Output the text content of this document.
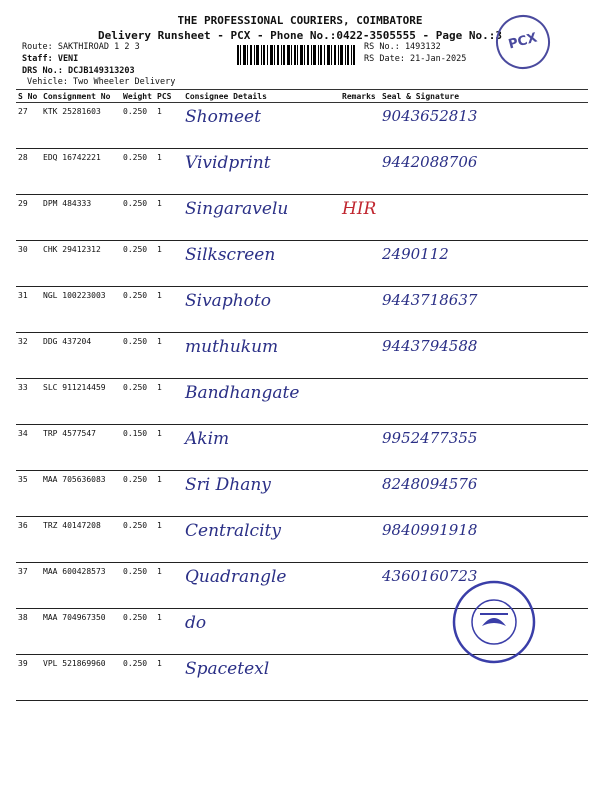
THE PROFESSIONAL COURIERS, COIMBATORE
Delivery Runsheet - PCX - Phone No.:0422-3505555 - Page No.:3
Route: SAKTHIROAD 1 2 3
Staff: VENI
DRS No.: DCJB149313203
Vehicle: Two Wheeler Delivery
RS No.: 1493132
RS Date: 21-Jan-2025
PCX
S No	Consignment No	Weight	PCS	Consignee Details	Remarks	Seal & Signature
27	KTK 25281603	0.250	1	Shomeet		9043652813
28	EDQ 16742221	0.250	1	Vividprint		9442088706
29	DPM 484333	0.250	1	Singaravelu	HIR	
30	CHK 29412312	0.250	1	Silkscreen		2490112
31	NGL 100223003	0.250	1	Sivaphoto		9443718637
32	DDG 437204	0.250	1	muthukum		9443794588
33	SLC 911214459	0.250	1	Bandhangate		
34	TRP 4577547	0.150	1	Akim		9952477355
35	MAA 705636083	0.250	1	Sri Dhany		8248094576
36	TRZ 40147208	0.250	1	Centralcity		9840991918
37	MAA 600428573	0.250	1	Quadrangle		4360160723
38	MAA 704967350	0.250	1	do		
39	VPL 521869960	0.250	1	Spacetexl		
